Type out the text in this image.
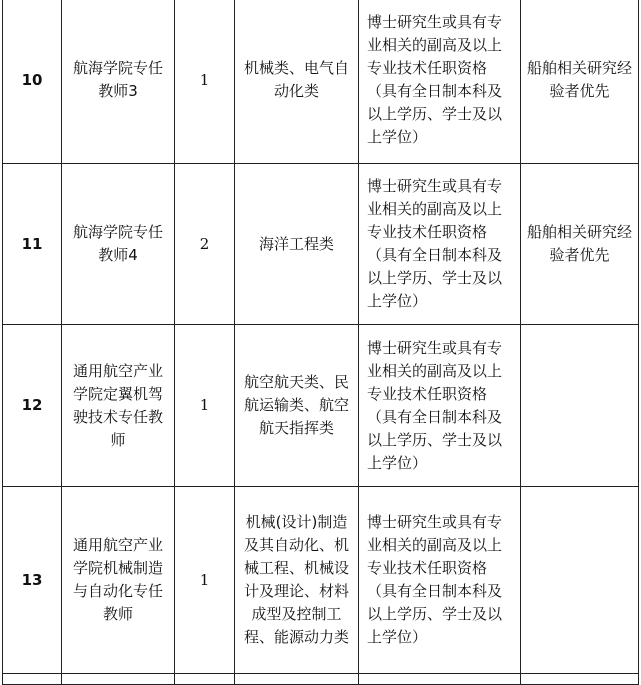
10	航海学院专任教师3	1	机械类、电气自动化类	博士研究生或具有专业相关的副高及以上专业技术任职资格（具有全日制本科及以上学历、学士及以上学位）	船舶相关研究经验者优先
11	航海学院专任教师4	2	海洋工程类	博士研究生或具有专业相关的副高及以上专业技术任职资格（具有全日制本科及以上学历、学士及以上学位）	船舶相关研究经验者优先
12	通用航空产业学院定翼机驾驶技术专任教师	1	航空航天类、民航运输类、航空航天指挥类	博士研究生或具有专业相关的副高及以上专业技术任职资格（具有全日制本科及以上学历、学士及以上学位）	
13	通用航空产业学院机械制造与自动化专任教师	1	机械(设计)制造及其自动化、机械工程、机械设计及理论、材料成型及控制工程、能源动力类	博士研究生或具有专业相关的副高及以上专业技术任职资格（具有全日制本科及以上学历、学士及以上学位）	
